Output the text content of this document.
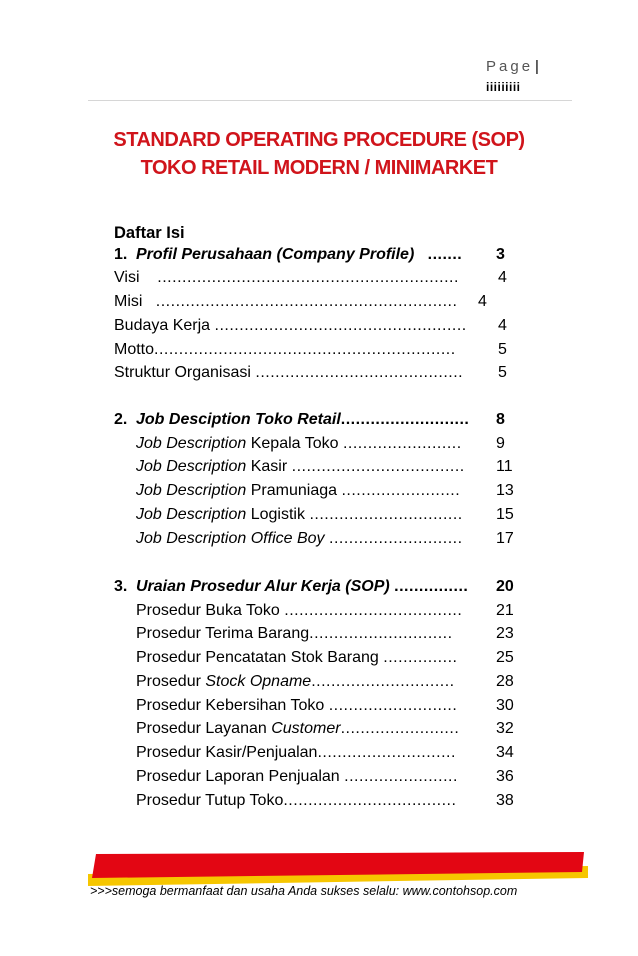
Page |
iiiiiiiii
STANDARD OPERATING PROCEDURE (SOP)
TOKO RETAIL MODERN / MINIMARKET
Daftar Isi
1. Profil Perusahaan (Company Profile) ....... 3
Visi ............................................................. 4
Misi ............................................................. 4
Budaya Kerja ................................................... 4
Motto.............................................................	5
Struktur Organisasi .......................................... 5
2. Job Desciption Toko Retail.......................... 8
Job Description Kepala Toko ........................ 9
Job Description Kasir ................................... 11
Job Description Pramuniaga ........................ 13
Job Description Logistik ............................... 15
Job Description Office Boy ........................... 17
3. Uraian Prosedur Alur Kerja (SOP) ............... 20
Prosedur Buka Toko .................................... 21
Prosedur Terima Barang.............................	23
Prosedur Pencatatan Stok Barang ............... 25
Prosedur Stock Opname.............................	28
Prosedur Kebersihan Toko .......................... 30
Prosedur Layanan Customer........................ 32
Prosedur Kasir/Penjualan............................	34
Prosedur Laporan Penjualan ....................... 36
Prosedur Tutup Toko................................... 38
>>>semoga bermanfaat dan usaha Anda sukses selalu: www.contohsop.com
